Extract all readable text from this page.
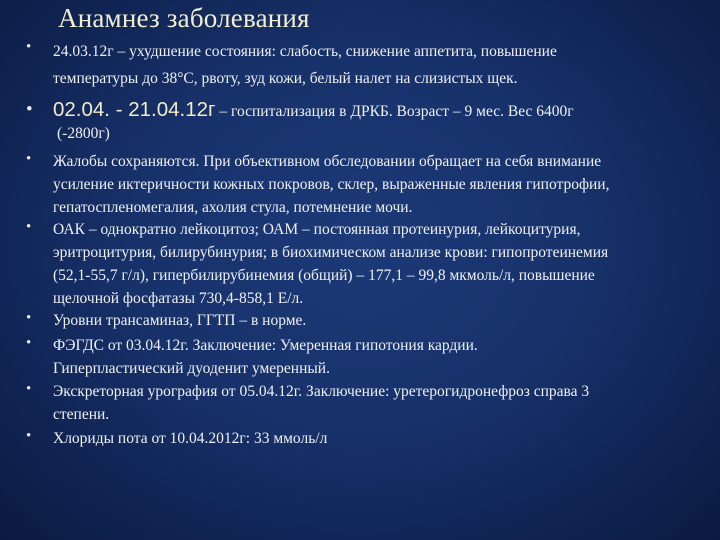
Анамнез заболевания
• 24.03.12г – ухудшение состояния: слабость, снижение аппетита, повышение
температуры до 38°С, рвоту, зуд кожи, белый налет на слизистых щек.
• 02.04. - 21.04.12г – госпитализация в ДРКБ. Возраст – 9 мес. Вес 6400г
(-2800г)
• Жалобы сохраняются. При объективном обследовании обращает на себя внимание
усиление иктеричности кожных покровов, склер, выраженные явления гипотрофии,
гепатоспленомегалия, ахолия стула, потемнение мочи.
• ОАК – однократно лейкоцитоз; ОАМ – постоянная протеинурия, лейкоцитурия,
эритроцитурия, билирубинурия; в биохимическом анализе крови: гипопротеинемия
(52,1-55,7 г/л), гипербилирубинемия (общий) – 177,1 – 99,8 мкмоль/л, повышение
щелочной фосфатазы 730,4-858,1 Е/л.
• Уровни трансаминаз, ГГТП – в норме.
• ФЭГДС от 03.04.12г. Заключение: Умеренная гипотония кардии.
Гиперпластический дуоденит умеренный.
• Экскреторная урография от 05.04.12г. Заключение: уретерогидронефроз справа 3
степени.
• Хлориды пота от 10.04.2012г: 33 ммоль/л
